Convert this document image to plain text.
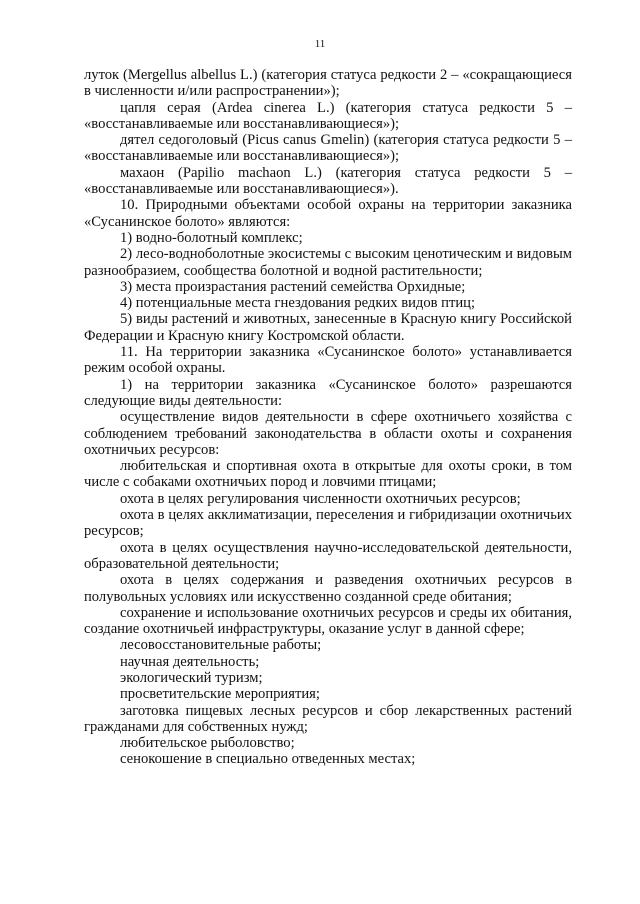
11

луток (Mergellus albellus L.) (категория статуса редкости 2 – «сокращающиеся в численности и/или распространении»);

цапля серая (Ardea cinerea L.) (категория статуса редкости 5 – «восстанавливаемые или восстанавливающиеся»);

дятел седоголовый (Picus canus Gmelin) (категория статуса редкости 5 – «восстанавливаемые или восстанавливающиеся»);

махаон (Papilio machaon L.) (категория статуса редкости 5 – «восстанавливаемые или восстанавливающиеся»).

10. Природными объектами особой охраны на территории заказника «Сусанинское болото» являются:

1) водно-болотный комплекс;

2) лесо-водноболотные экосистемы с высоким ценотическим и видовым разнообразием, сообщества болотной и водной растительности;

3) места произрастания растений семейства Орхидные;

4) потенциальные места гнездования редких видов птиц;

5) виды растений и животных, занесенные в Красную книгу Российской Федерации и Красную книгу Костромской области.

11. На территории заказника «Сусанинское болото» устанавливается режим особой охраны.

1) на территории заказника «Сусанинское болото» разрешаются следующие виды деятельности:

осуществление видов деятельности в сфере охотничьего хозяйства с соблюдением требований законодательства в области охоты и сохранения охотничьих ресурсов:

любительская и спортивная охота в открытые для охоты сроки, в том числе с собаками охотничьих пород и ловчими птицами;

охота в целях регулирования численности охотничьих ресурсов;

охота в целях акклиматизации, переселения и гибридизации охотничьих ресурсов;

охота в целях осуществления научно-исследовательской деятельности, образовательной деятельности;

охота в целях содержания и разведения охотничьих ресурсов в полувольных условиях или искусственно созданной среде обитания;

сохранение и использование охотничьих ресурсов и среды их обитания, создание охотничьей инфраструктуры, оказание услуг в данной сфере;

лесовосстановительные работы;

научная деятельность;

экологический туризм;

просветительские мероприятия;

заготовка пищевых лесных ресурсов и сбор лекарственных растений гражданами для собственных нужд;

любительское рыболовство;

сенокошение в специально отведенных местах;
